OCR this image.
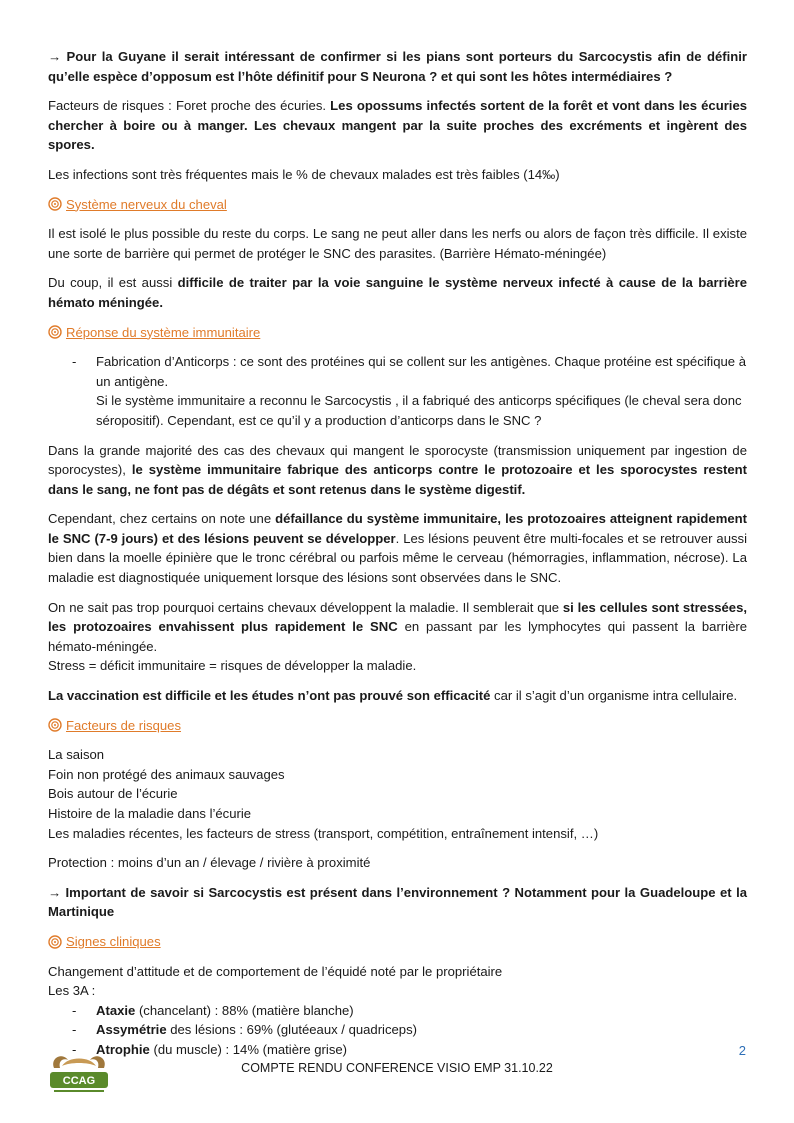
→ Pour la Guyane il serait intéressant de confirmer si les pians sont porteurs du Sarcocystis afin de définir qu’elle espèce d’opposum est l’hôte définitif pour S Neurona ? et qui sont les hôtes intermédiaires ?

Facteurs de risques : Foret proche des écuries. Les opossums infectés sortent de la forêt et vont dans les écuries chercher à boire ou à manger. Les chevaux mangent par la suite proches des excréments et ingèrent des spores.

Les infections sont très fréquentes mais le % de chevaux malades est très faibles (14‰)

Système nerveux du cheval

Il est isolé le plus possible du reste du corps. Le sang ne peut aller dans les nerfs ou alors de façon très difficile. Il existe une sorte de barrière qui permet de protéger le SNC des parasites. (Barrière Hémato-méningée)

Du coup, il est aussi difficile de traiter par la voie sanguine le système nerveux infecté à cause de la barrière hémato méningée.

Réponse du système immunitaire
- Fabrication d’Anticorps : ce sont des protéines qui se collent sur les antigènes. Chaque protéine est spécifique à un antigène.
Si le système immunitaire a reconnu le Sarcocystis , il a fabriqué des anticorps spécifiques (le cheval sera donc séropositif). Cependant, est ce qu’il y a production d’anticorps dans le SNC ?

Dans la grande majorité des cas des chevaux qui mangent le sporocyste (transmission uniquement par ingestion de sporocystes), le système immunitaire fabrique des anticorps contre le protozoaire et les sporocystes restent dans le sang, ne font pas de dégâts et sont retenus dans le système digestif.

Cependant, chez certains on note une défaillance du système immunitaire, les protozoaires atteignent rapidement le SNC (7-9 jours) et des lésions peuvent se développer. Les lésions peuvent être multi-focales et se retrouver aussi bien dans la moelle épinière que le tronc cérébral ou parfois même le cerveau (hémorragies, inflammation, nécrose). La maladie est diagnostiquée uniquement lorsque des lésions sont observées dans le SNC.

On ne sait pas trop pourquoi certains chevaux développent la maladie. Il semblerait que si les cellules sont stressées, les protozoaires envahissent plus rapidement le SNC en passant par les lymphocytes qui passent la barrière hémato-méningée.
Stress = déficit immunitaire = risques de développer la maladie.

La vaccination est difficile et les études n’ont pas prouvé son efficacité car il s’agit d’un organisme intra cellulaire.

Facteurs de risques
La saison
Foin non protégé des animaux sauvages
Bois autour de l’écurie
Histoire de la maladie dans l’écurie
Les maladies récentes, les facteurs de stress (transport, compétition, entraînement intensif, …)

Protection : moins d’un an / élevage / rivière à proximité

→ Important de savoir si Sarcocystis est présent dans l’environnement ? Notamment pour la Guadeloupe et la Martinique

Signes cliniques
Changement d’attitude et de comportement de l’équidé noté par le propriétaire
Les 3A :
- Ataxie (chancelant) : 88% (matière blanche)
- Assymétrie des lésions : 69% (glutéeaux / quadriceps)
- Atrophie (du muscle) : 14% (matière grise)	2
CCAG
COMPTE RENDU CONFERENCE VISIO EMP 31.10.22
